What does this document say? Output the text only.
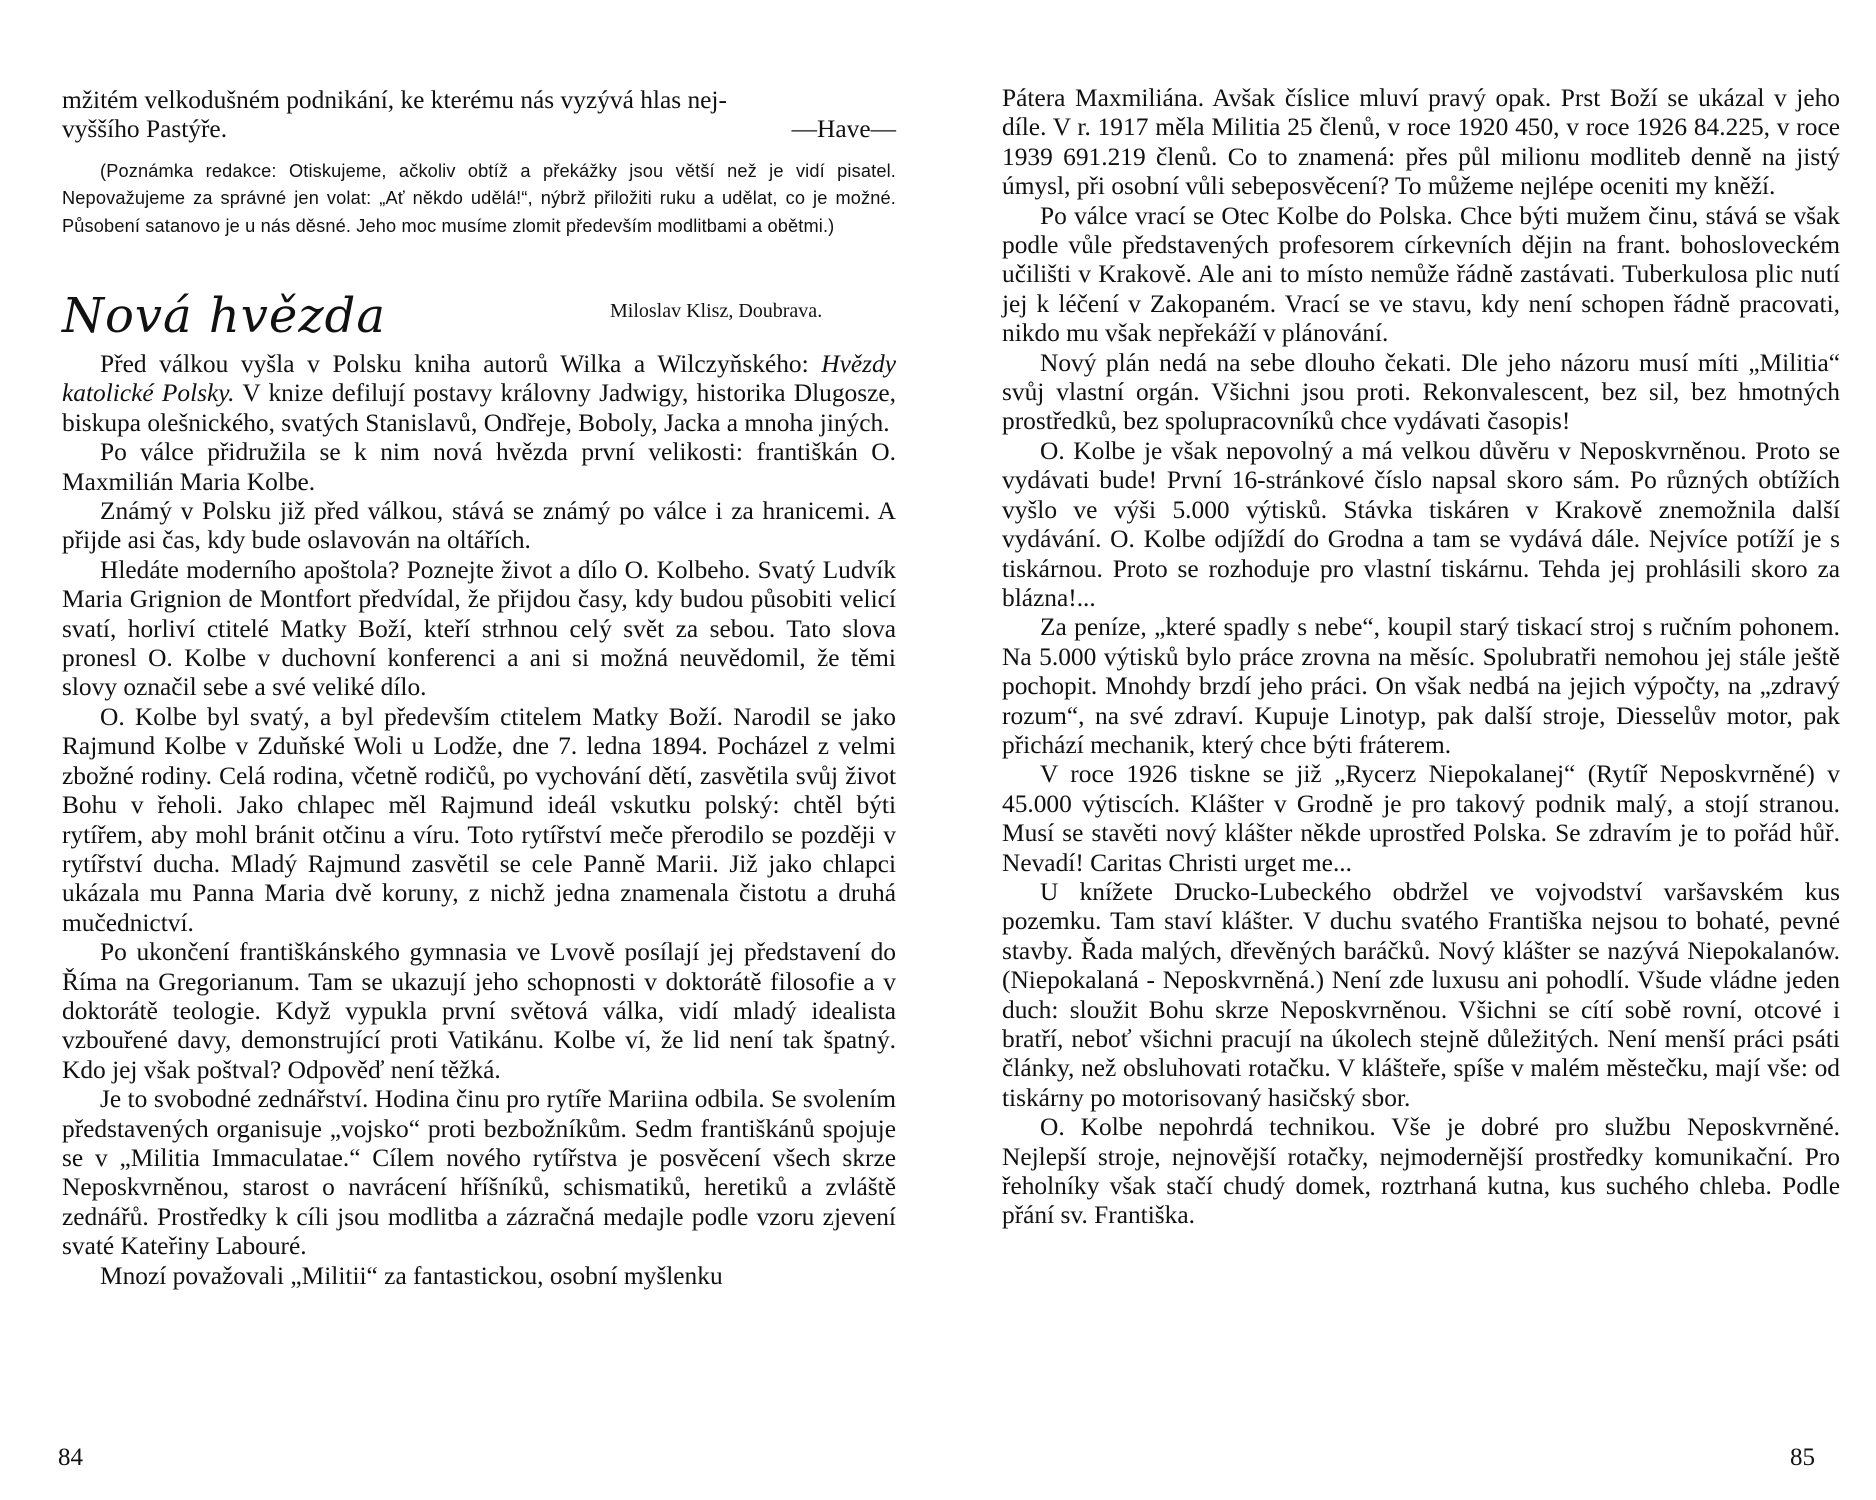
mžitém velkodušném podnikání, ke kterému nás vyzývá hlas nej-

vyššího Pastýře.	—Have—

(Poznámka redakce: Otiskujeme, ačkoliv obtíž a překážky jsou větší než je vidí pisatel. Nepovažujeme za správné jen volat: „Ať někdo udělá!“, nýbrž přiložiti ruku a udělat, co je možné. Působení satanovo je u nás děsné. Jeho moc musíme zlomit především modlitbami a obětmi.)

Nová hvězda	Miloslav Klisz, Doubrava.

Před válkou vyšla v Polsku kniha autorů Wilka a Wilczyňského: Hvězdy katolické Polsky. V knize defilují postavy královny Jadwigy, historika Dlugosze, biskupa olešnického, svatých Stanislavů, Ondřeje, Boboly, Jacka a mnoha jiných.

Po válce přidružila se k nim nová hvězda první velikosti: františkán O. Maxmilián Maria Kolbe.

Známý v Polsku již před válkou, stává se známý po válce i za hranicemi. A přijde asi čas, kdy bude oslavován na oltářích.

Hledáte moderního apoštola? Poznejte život a dílo O. Kolbeho. Svatý Ludvík Maria Grignion de Montfort předvídal, že přijdou časy, kdy budou působiti velicí svatí, horliví ctitelé Matky Boží, kteří strhnou celý svět za sebou. Tato slova pronesl O. Kolbe v duchovní konferenci a ani si možná neuvědomil, že těmi slovy označil sebe a své veliké dílo.

O. Kolbe byl svatý, a byl především ctitelem Matky Boží. Narodil se jako Rajmund Kolbe v Zduňské Woli u Lodže, dne 7. ledna 1894. Pocházel z velmi zbožné rodiny. Celá rodina, včetně rodičů, po vychování dětí, zasvětila svůj život Bohu v řeholi. Jako chlapec měl Rajmund ideál vskutku polský: chtěl býti rytířem, aby mohl bránit otčinu a víru. Toto rytířství meče přerodilo se později v rytířství ducha. Mladý Rajmund zasvětil se cele Panně Marii. Již jako chlapci ukázala mu Panna Maria dvě koruny, z nichž jedna znamenala čistotu a druhá mučednictví.

Po ukončení františkánského gymnasia ve Lvově posílají jej představení do Říma na Gregorianum. Tam se ukazují jeho schopnosti v doktorátě filosofie a v doktorátě teologie. Když vypukla první světová válka, vidí mladý idealista vzbouřené davy, demonstrující proti Vatikánu. Kolbe ví, že lid není tak špatný. Kdo jej však poštval? Odpověď není těžká.

Je to svobodné zednářství. Hodina činu pro rytíře Mariina odbila. Se svolením představených organisuje „vojsko“ proti bezbožníkům. Sedm františkánů spojuje se v „Militia Immaculatae.“ Cílem nového rytířstva je posvěcení všech skrze Neposkvrněnou, starost o navrácení hříšníků, schismatiků, heretiků a zvláště zednářů. Prostředky k cíli jsou modlitba a zázračná medajle podle vzoru zjevení svaté Kateřiny Labouré.

Mnozí považovali „Militii“ za fantastickou, osobní myšlenku

84

Pátera Maxmiliána. Avšak číslice mluví pravý opak. Prst Boží se ukázal v jeho díle. V r. 1917 měla Militia 25 členů, v roce 1920 450, v roce 1926 84.225, v roce 1939 691.219 členů. Co to znamená: přes půl milionu modliteb denně na jistý úmysl, při osobní vůli sebeposvěcení? To můžeme nejlépe oceniti my kněží.

Po válce vrací se Otec Kolbe do Polska. Chce býti mužem činu, stává se však podle vůle představených profesorem církevních dějin na frant. bohosloveckém učilišti v Krakově. Ale ani to místo nemůže řádně zastávati. Tuberkulosa plic nutí jej k léčení v Zakopaném. Vrací se ve stavu, kdy není schopen řádně pracovati, nikdo mu však nepřekáží v plánování.

Nový plán nedá na sebe dlouho čekati. Dle jeho názoru musí míti „Militia“ svůj vlastní orgán. Všichni jsou proti. Rekonvalescent, bez sil, bez hmotných prostředků, bez spolupracovníků chce vydávati časopis!

O. Kolbe je však nepovolný a má velkou důvěru v Neposkvrněnou. Proto se vydávati bude! První 16-stránkové číslo napsal skoro sám. Po různých obtížích vyšlo ve výši 5.000 výtisků. Stávka tiskáren v Krakově znemožnila další vydávání. O. Kolbe odjíždí do Grodna a tam se vydává dále. Nejvíce potíží je s tiskárnou. Proto se rozhoduje pro vlastní tiskárnu. Tehda jej prohlásili skoro za blázna!...

Za peníze, „které spadly s nebe“, koupil starý tiskací stroj s ručním pohonem. Na 5.000 výtisků bylo práce zrovna na měsíc. Spolubratři nemohou jej stále ještě pochopit. Mnohdy brzdí jeho práci. On však nedbá na jejich výpočty, na „zdravý rozum“, na své zdraví. Kupuje Linotyp, pak další stroje, Diesselův motor, pak přichází mechanik, který chce býti fráterem.

V roce 1926 tiskne se již „Rycerz Niepokalanej“ (Rytíř Neposkvrněné) v 45.000 výtiscích. Klášter v Grodně je pro takový podnik malý, a stojí stranou. Musí se stavěti nový klášter někde uprostřed Polska. Se zdravím je to pořád hůř. Nevadí! Caritas Christi urget me...

U knížete Drucko-Lubeckého obdržel ve vojvodství varšavském kus pozemku. Tam staví klášter. V duchu svatého Františka nejsou to bohaté, pevné stavby. Řada malých, dřevěných baráčků. Nový klášter se nazývá Niepokalanów. (Niepokalaná - Neposkvrněná.) Není zde luxusu ani pohodlí. Všude vládne jeden duch: sloužit Bohu skrze Neposkvrněnou. Všichni se cítí sobě rovní, otcové i bratří, neboť všichni pracují na úkolech stejně důležitých. Není menší práci psáti články, než obsluhovati rotačku. V klášteře, spíše v malém městečku, mají vše: od tiskárny po motorisovaný hasičský sbor.

O. Kolbe nepohrdá technikou. Vše je dobré pro službu Neposkvrněné. Nejlepší stroje, nejnovější rotačky, nejmodernější prostředky komunikační. Pro řeholníky však stačí chudý domek, roztrhaná kutna, kus suchého chleba. Podle přání sv. Františka.

85
